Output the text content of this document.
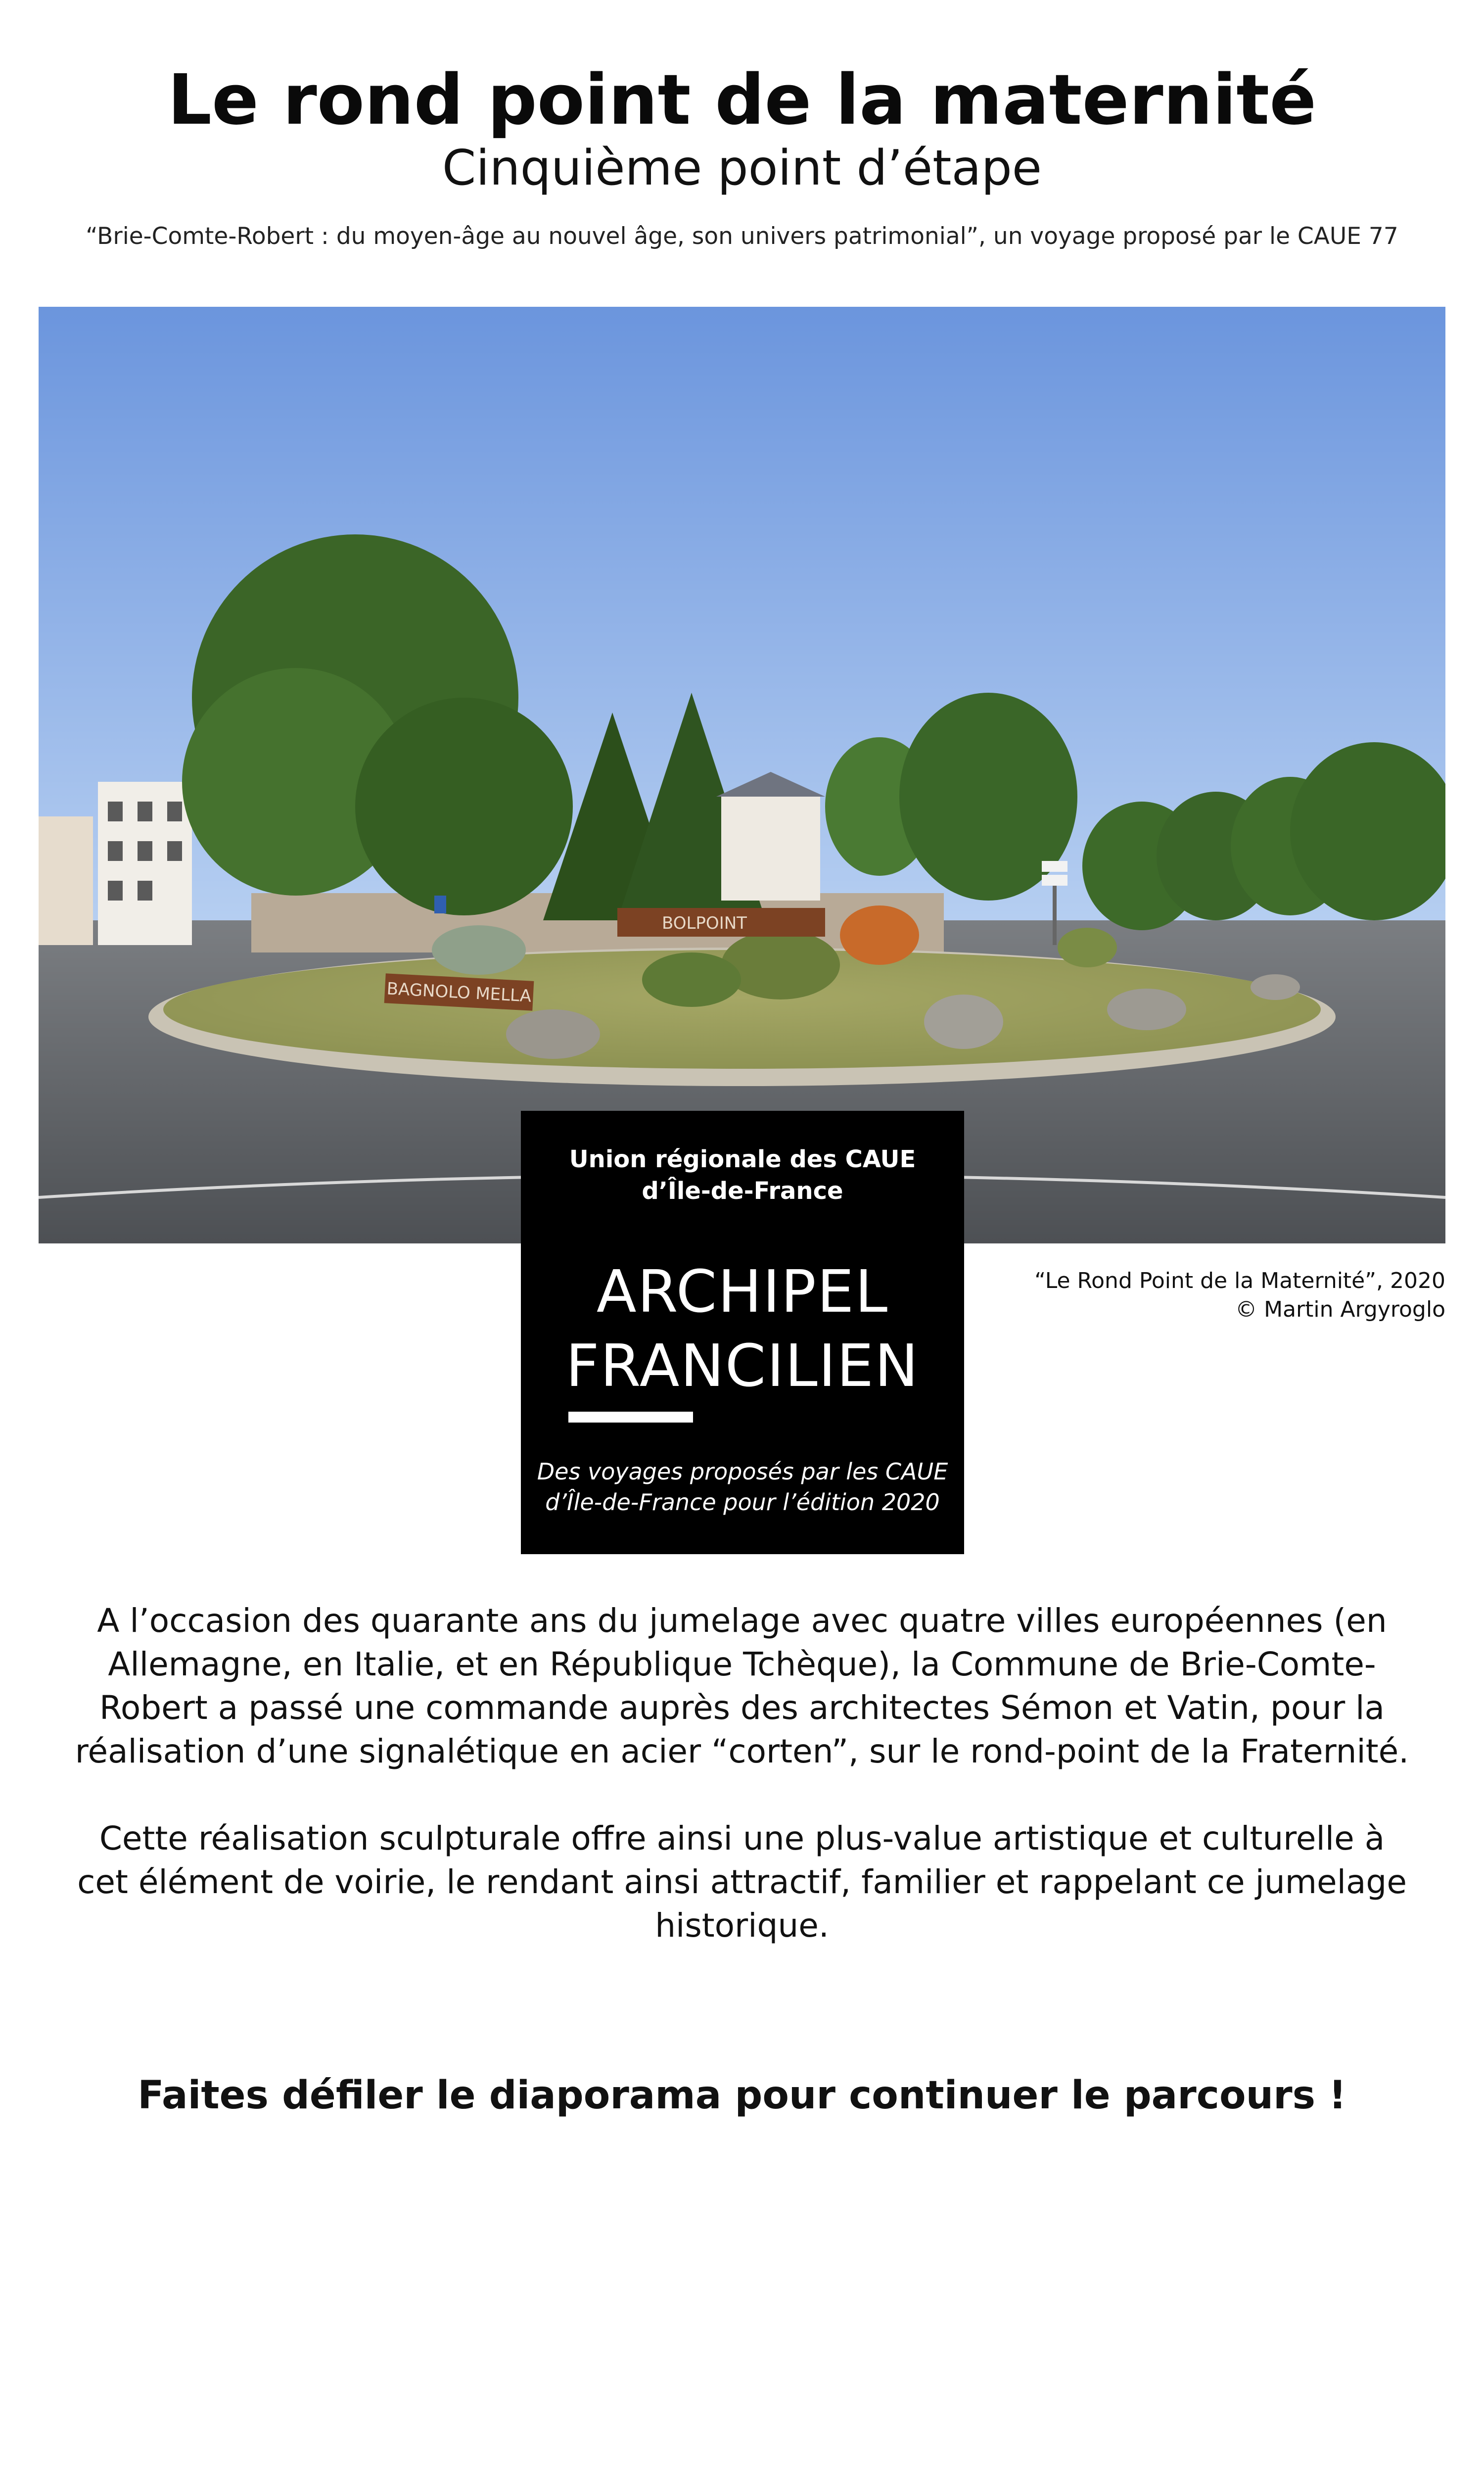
Le rond point de la maternité
Cinquième point d’étape
“Brie-Comte-Robert : du moyen-âge au nouvel âge, son univers patrimonial”, un voyage proposé par le CAUE 77
BAGNOLO MELLA
BOLPOINT
“Le Rond Point de la Maternité”, 2020
© Martin Argyroglo
Union régionale des CAUE
d’Île-de-France
ARCHIPEL
FRANCILIEN
Des voyages proposés par les CAUE
d’Île-de-France pour l’édition 2020

A l’occasion des quarante ans du jumelage avec quatre villes européennes (en Allemagne, en Italie, et en République Tchèque), la Commune de Brie-Comte-Robert a passé une commande auprès des architectes Sémon et Vatin, pour la réalisation d’une signalétique en acier “corten”, sur le rond-point de la Fraternité.

Cette réalisation sculpturale offre ainsi une plus-value artistique et culturelle à cet élément de voirie, le rendant ainsi attractif, familier et rappelant ce jumelage historique.

Faites défiler le diaporama pour continuer le parcours !
